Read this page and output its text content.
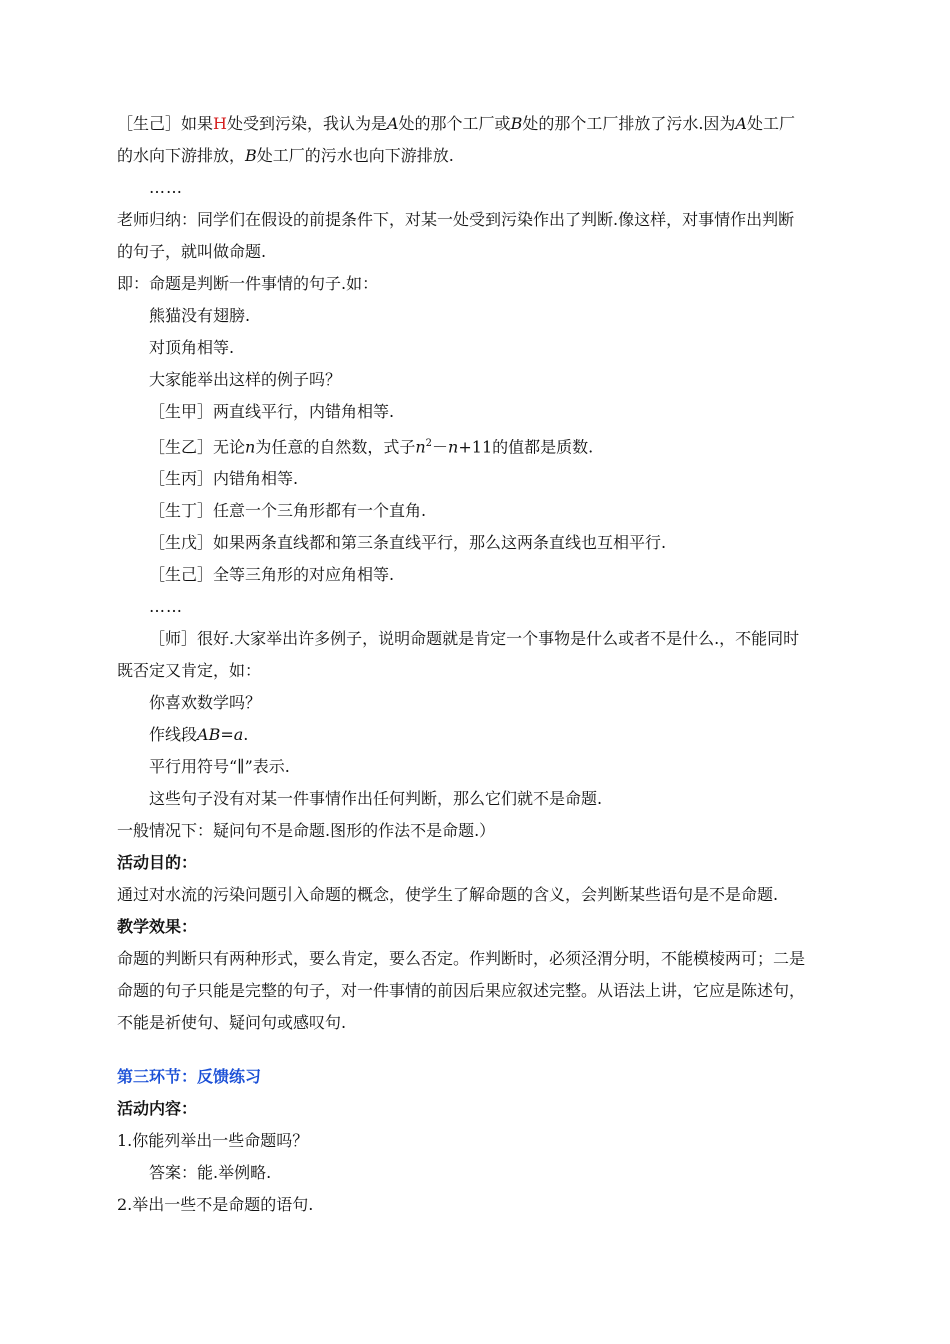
［生己］如果H处受到污染，我认为是A处的那个工厂或B处的那个工厂排放了污水.因为A处工厂
的水向下游排放，B处工厂的污水也向下游排放.
……
老师归纳：同学们在假设的前提条件下，对某一处受到污染作出了判断.像这样，对事情作出判断
的句子，就叫做命题.
即：命题是判断一件事情的句子.如：
熊猫没有翅膀.
对顶角相等.
大家能举出这样的例子吗？
［生甲］两直线平行，内错角相等.
［生乙］无论n为任意的自然数，式子$n^2-n+11$的值都是质数.
［生丙］内错角相等.
［生丁］任意一个三角形都有一个直角.
［生戊］如果两条直线都和第三条直线平行，那么这两条直线也互相平行.
［生己］全等三角形的对应角相等.
……
［师］很好.大家举出许多例子，说明命题就是肯定一个事物是什么或者不是什么.，不能同时
既否定又肯定，如：
你喜欢数学吗？
作线段AB=a.
平行用符号“∥”表示.
这些句子没有对某一件事情作出任何判断，那么它们就不是命题.
一般情况下：疑问句不是命题.图形的作法不是命题.）
活动目的：
通过对水流的污染问题引入命题的概念，使学生了解命题的含义，会判断某些语句是不是命题.
教学效果：
命题的判断只有两种形式，要么肯定，要么否定。作判断时，必须泾渭分明，不能模棱两可；二是
命题的句子只能是完整的句子，对一件事情的前因后果应叙述完整。从语法上讲，它应是陈述句，
不能是祈使句、疑问句或感叹句.
第三环节：反馈练习
活动内容：
1.你能列举出一些命题吗？
答案：能.举例略.
2.举出一些不是命题的语句.
